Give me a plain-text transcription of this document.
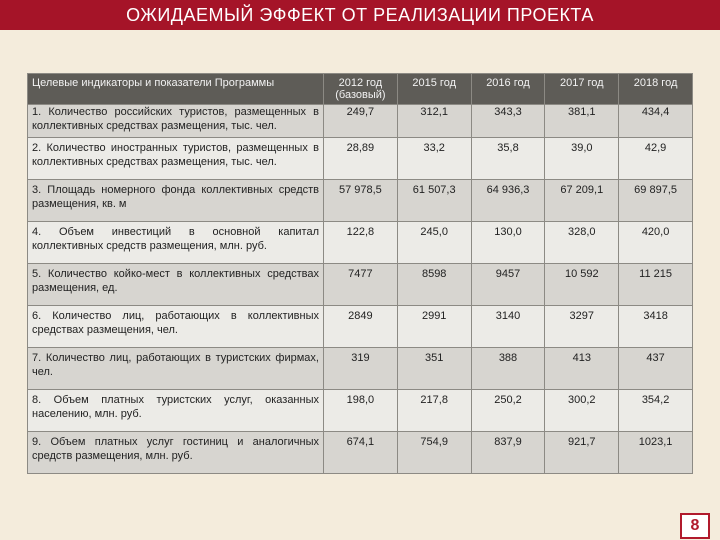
ОЖИДАЕМЫЙ ЭФФЕКТ ОТ РЕАЛИЗАЦИИ ПРОЕКТА
Целевые индикаторы и показатели Программы	2012 год (базовый)	2015 год	2016 год	2017 год	2018 год
1. Количество российских туристов, размещенных в коллективных средствах размещения, тыс. чел.	249,7	312,1	343,3	381,1	434,4
2. Количество иностранных туристов, размещенных в коллективных средствах размещения, тыс. чел.	28,89	33,2	35,8	39,0	42,9
3. Площадь номерного фонда коллективных средств размещения, кв. м	57 978,5	61 507,3	64 936,3	67 209,1	69 897,5
4. Объем инвестиций в основной капитал коллективных средств размещения, млн. руб.	122,8	245,0	130,0	328,0	420,0
5. Количество койко-мест в коллективных средствах размещения, ед.	7477	8598	9457	10 592	11 215
6. Количество лиц, работающих в коллективных средствах размещения, чел.	2849	2991	3140	3297	3418
7. Количество лиц, работающих в туристских фирмах, чел.	319	351	388	413	437
8. Объем платных туристских услуг, оказанных населению, млн. руб.	198,0	217,8	250,2	300,2	354,2
9. Объем платных услуг гостиниц и аналогичных средств размещения, млн. руб.	674,1	754,9	837,9	921,7	1023,1
8
